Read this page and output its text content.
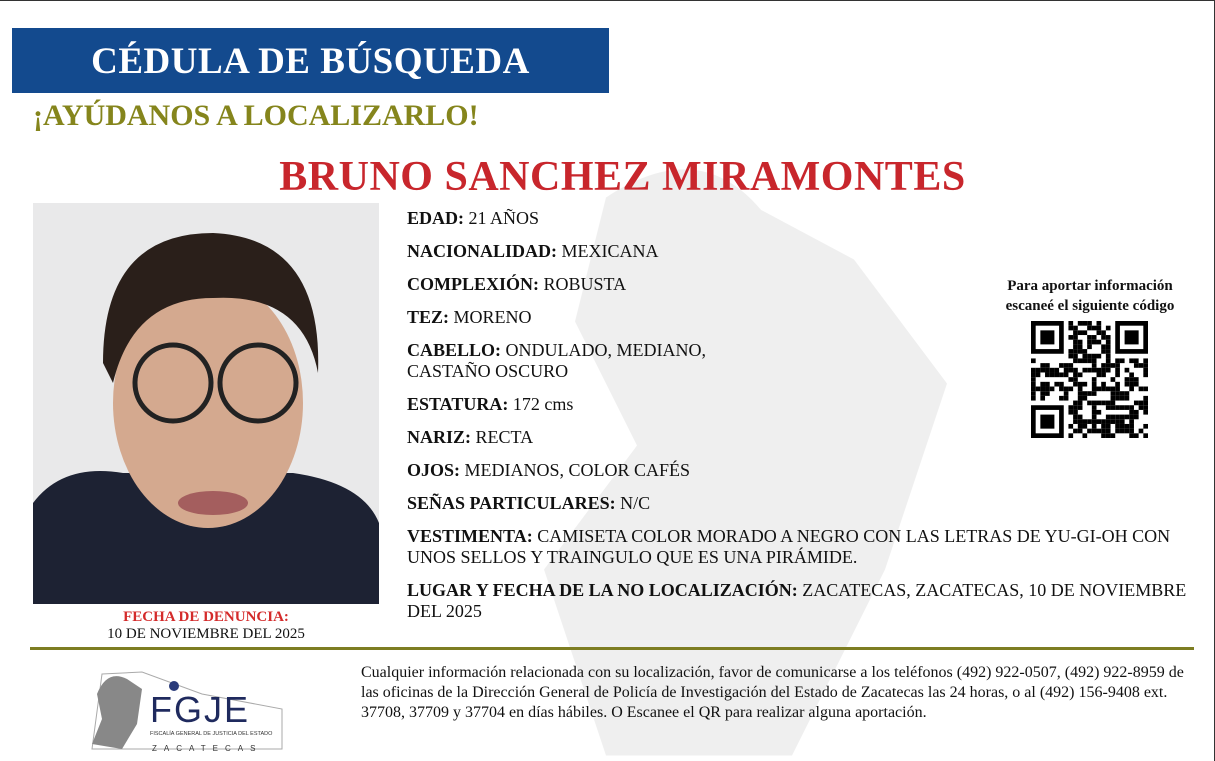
CÉDULA DE BÚSQUEDA
¡AYÚDANOS A LOCALIZARLO!
BRUNO SANCHEZ MIRAMONTES
FECHA DE DENUNCIA:
10 DE NOVIEMBRE DEL 2025
EDAD: 21 AÑOS
NACIONALIDAD: MEXICANA
COMPLEXIÓN: ROBUSTA
TEZ: MORENO
CABELLO: ONDULADO, MEDIANO,
CASTAÑO OSCURO
ESTATURA: 172 cms
NARIZ: RECTA
OJOS: MEDIANOS, COLOR CAFÉS
SEÑAS PARTICULARES: N/C
VESTIMENTA: CAMISETA COLOR MORADO A NEGRO CON LAS LETRAS DE YU-GI-OH CON UNOS SELLOS Y TRAINGULO QUE ES UNA PIRÁMIDE.
LUGAR Y FECHA DE LA NO LOCALIZACIÓN: ZACATECAS, ZACATECAS, 10 DE NOVIEMBRE DEL 2025
Para aportar información
escaneé el siguiente código
FGJE
FISCALÍA GENERAL DE JUSTICIA DEL ESTADO
ZACATECAS
Cualquier información relacionada con su localización, favor de comunicarse a los teléfonos (492) 922-0507, (492) 922-8959 de las oficinas de la Dirección General de Policía de Investigación del Estado de Zacatecas las 24 horas, o al (492) 156-9408 ext. 37708, 37709 y 37704 en días hábiles. O Escanee el QR para realizar alguna aportación.
